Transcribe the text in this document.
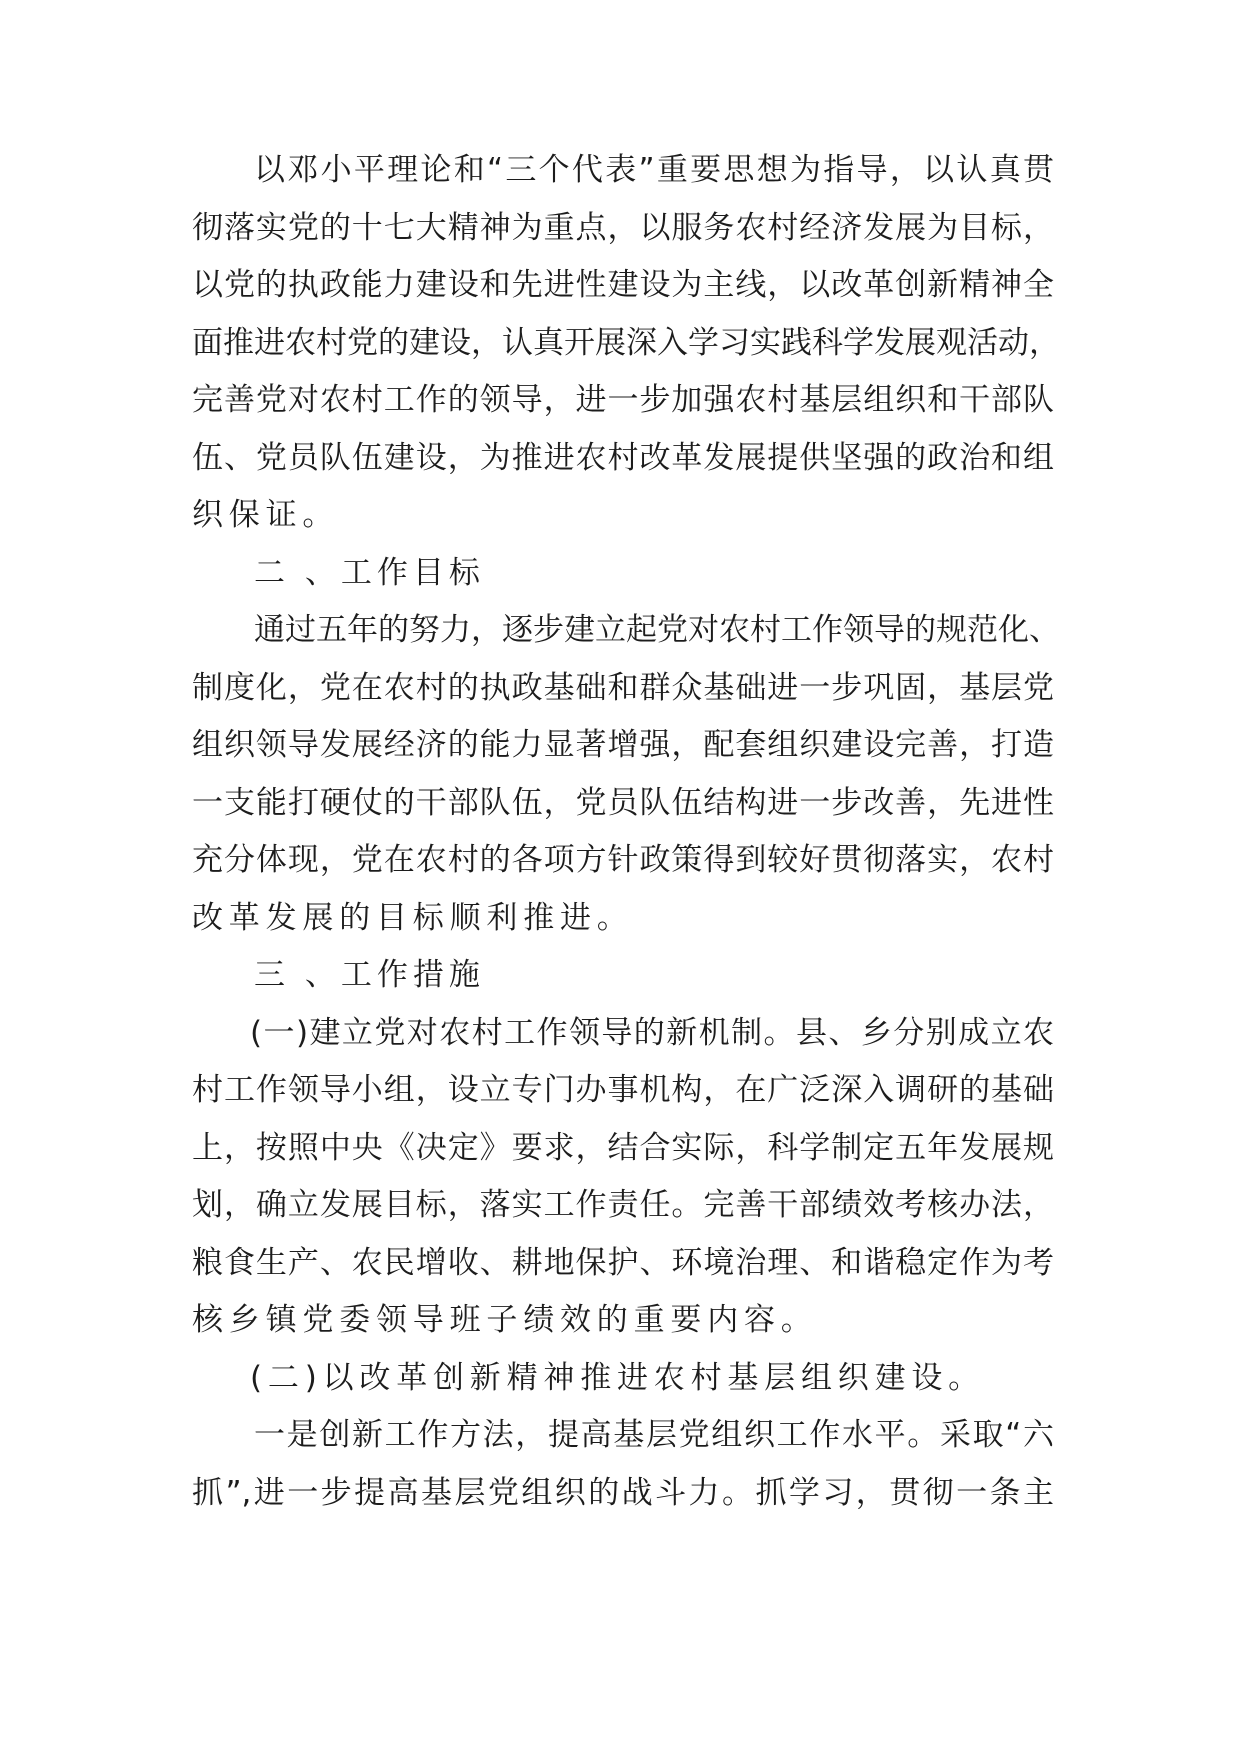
以邓小平理论和“三个代表”重要思想为指导，以认真贯
彻落实党的十七大精神为重点，以服务农村经济发展为目标，
以党的执政能力建设和先进性建设为主线，以改革创新精神全
面推进农村党的建设，认真开展深入学习实践科学发展观活动，
完善党对农村工作的领导，进一步加强农村基层组织和干部队
伍、党员队伍建设，为推进农村改革发展提供坚强的政治和组
织保证。
二 、工作目标
通过五年的努力，逐步建立起党对农村工作领导的规范化、
制度化，党在农村的执政基础和群众基础进一步巩固，基层党
组织领导发展经济的能力显著增强，配套组织建设完善，打造
一支能打硬仗的干部队伍，党员队伍结构进一步改善，先进性
充分体现，党在农村的各项方针政策得到较好贯彻落实，农村
改革发展的目标顺利推进。
三 、工作措施
(一)建立党对农村工作领导的新机制。县、乡分别成立农
村工作领导小组，设立专门办事机构，在广泛深入调研的基础
上，按照中央《决定》要求，结合实际，科学制定五年发展规
划，确立发展目标，落实工作责任。完善干部绩效考核办法，
粮食生产、农民增收、耕地保护、环境治理、和谐稳定作为考
核乡镇党委领导班子绩效的重要内容。
(二)以改革创新精神推进农村基层组织建设。
一是创新工作方法，提高基层党组织工作水平。采取“六
抓”,进一步提高基层党组织的战斗力。抓学习，贯彻一条主
